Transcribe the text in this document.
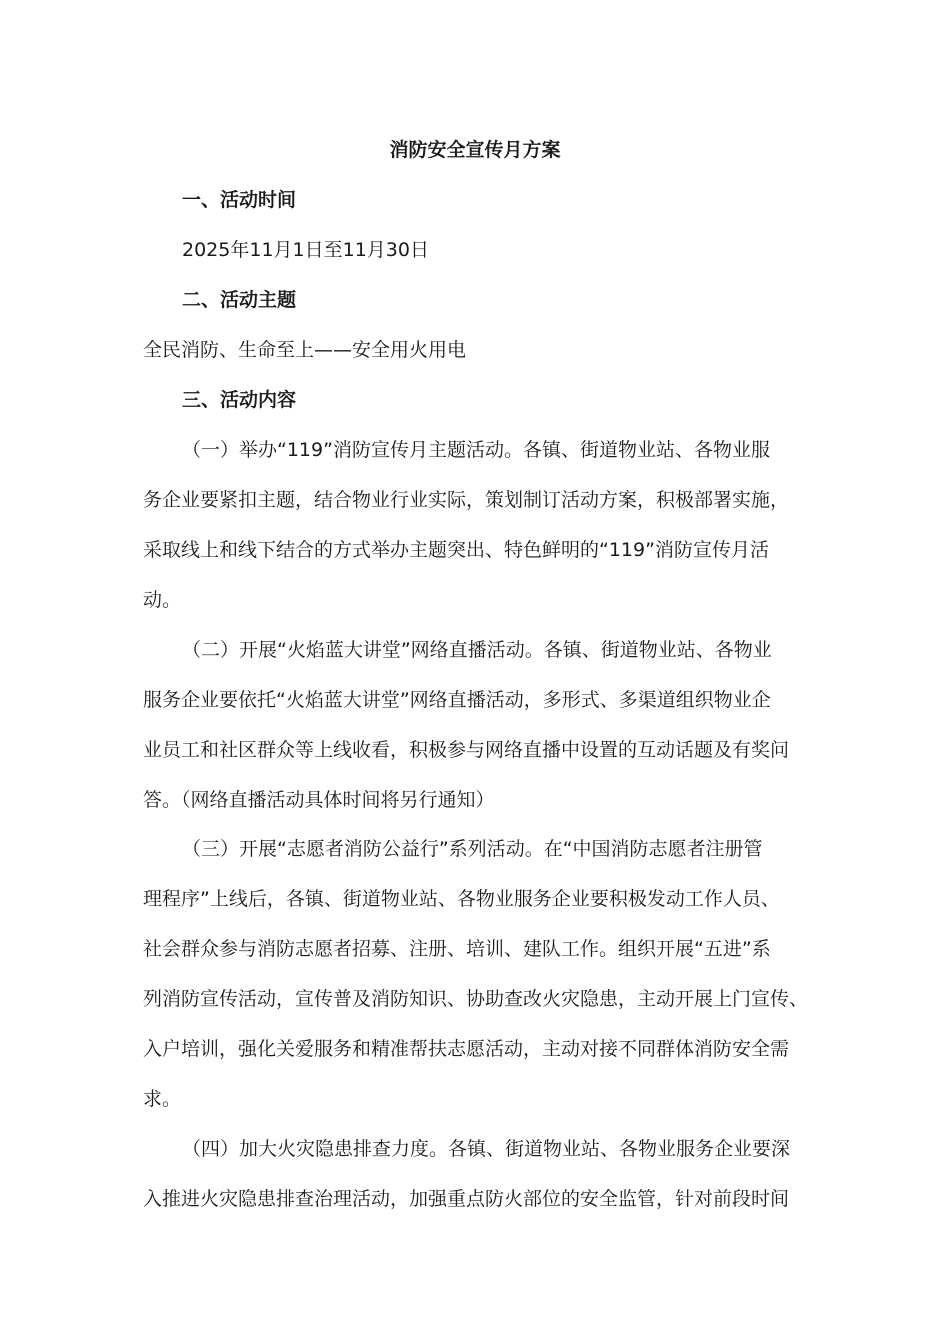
消防安全宣传月方案
一、活动时间
2025年11月1日至11月30日
二、活动主题
全民消防、生命至上——安全用火用电
三、活动内容
（一）举办“119”消防宣传月主题活动。各镇、街道物业站、各物业服
务企业要紧扣主题，结合物业行业实际，策划制订活动方案，积极部署实施，
采取线上和线下结合的方式举办主题突出、特色鲜明的“119”消防宣传月活
动。
（二）开展“火焰蓝大讲堂”网络直播活动。各镇、街道物业站、各物业
服务企业要依托“火焰蓝大讲堂”网络直播活动，多形式、多渠道组织物业企
业员工和社区群众等上线收看，积极参与网络直播中设置的互动话题及有奖问
答。（网络直播活动具体时间将另行通知）
（三）开展“志愿者消防公益行”系列活动。在“中国消防志愿者注册管
理程序”上线后，各镇、街道物业站、各物业服务企业要积极发动工作人员、
社会群众参与消防志愿者招募、注册、培训、建队工作。组织开展“五进”系
列消防宣传活动，宣传普及消防知识、协助查改火灾隐患，主动开展上门宣传、
入户培训，强化关爱服务和精准帮扶志愿活动，主动对接不同群体消防安全需
求。
（四）加大火灾隐患排查力度。各镇、街道物业站、各物业服务企业要深
入推进火灾隐患排查治理活动，加强重点防火部位的安全监管，针对前段时间
